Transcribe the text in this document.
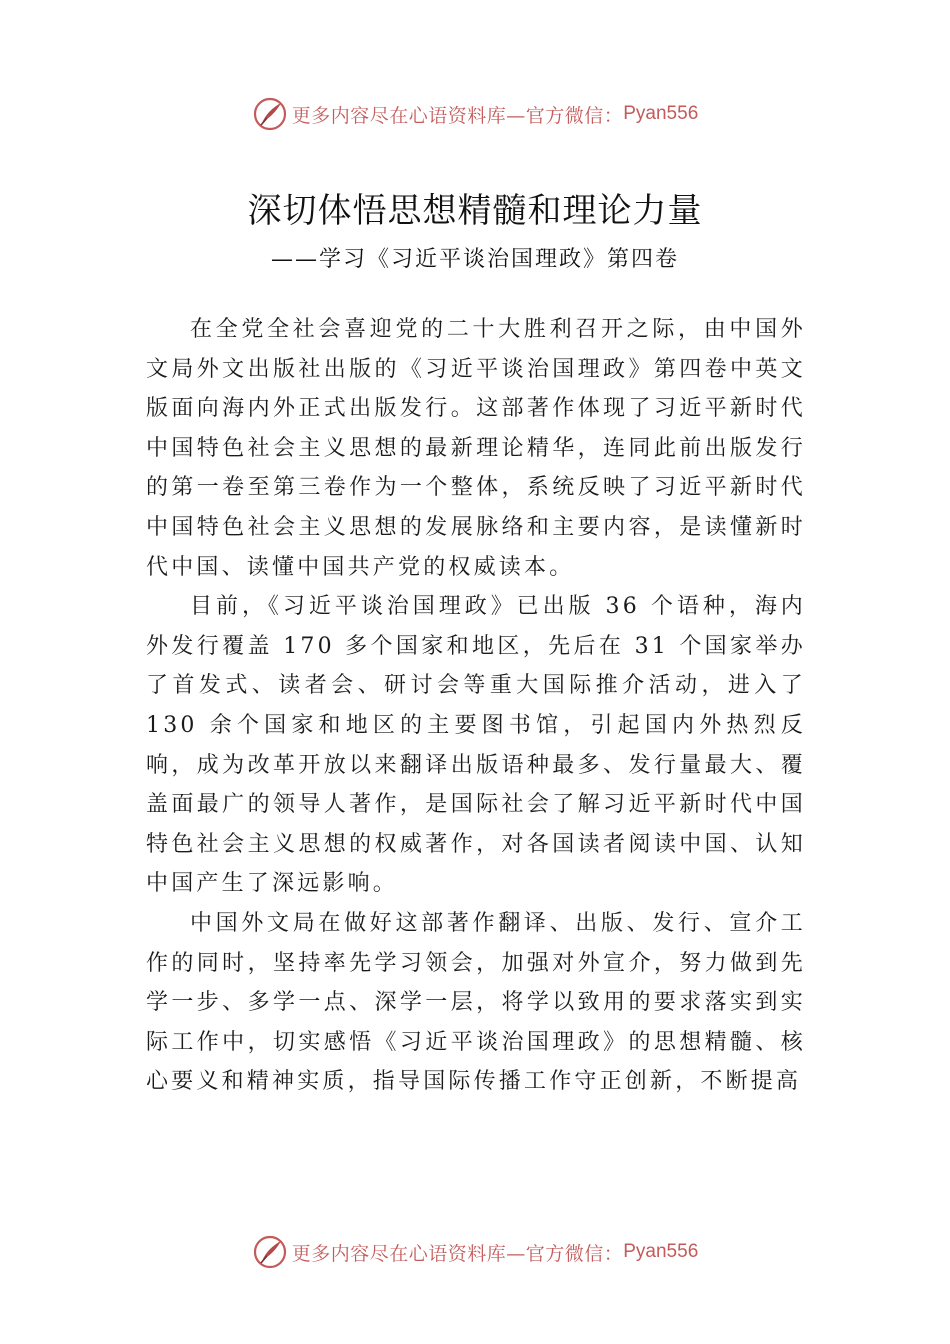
更多内容尽在心语资料库—官方微信： Pyan556
深切体悟思想精髓和理论力量
——学习《习近平谈治国理政》第四卷

在全党全社会喜迎党的二十大胜利召开之际，由中国外文局外文出版社出版的《习近平谈治国理政》第四卷中英文版面向海内外正式出版发行。这部著作体现了习近平新时代中国特色社会主义思想的最新理论精华，连同此前出版发行的第一卷至第三卷作为一个整体，系统反映了习近平新时代中国特色社会主义思想的发展脉络和主要内容，是读懂新时代中国、读懂中国共产党的权威读本。

目前，《习近平谈治国理政》已出版 36 个语种，海内外发行覆盖 170 多个国家和地区，先后在 31 个国家举办了首发式、读者会、研讨会等重大国际推介活动，进入了 130 余个国家和地区的主要图书馆，引起国内外热烈反响，成为改革开放以来翻译出版语种最多、发行量最大、覆盖面最广的领导人著作，是国际社会了解习近平新时代中国特色社会主义思想的权威著作，对各国读者阅读中国、认知中国产生了深远影响。

中国外文局在做好这部著作翻译、出版、发行、宣介工作的同时，坚持率先学习领会，加强对外宣介，努力做到先学一步、多学一点、深学一层，将学以致用的要求落实到实际工作中，切实感悟《习近平谈治国理政》的思想精髓、核心要义和精神实质，指导国际传播工作守正创新，不断提高

更多内容尽在心语资料库—官方微信： Pyan556
